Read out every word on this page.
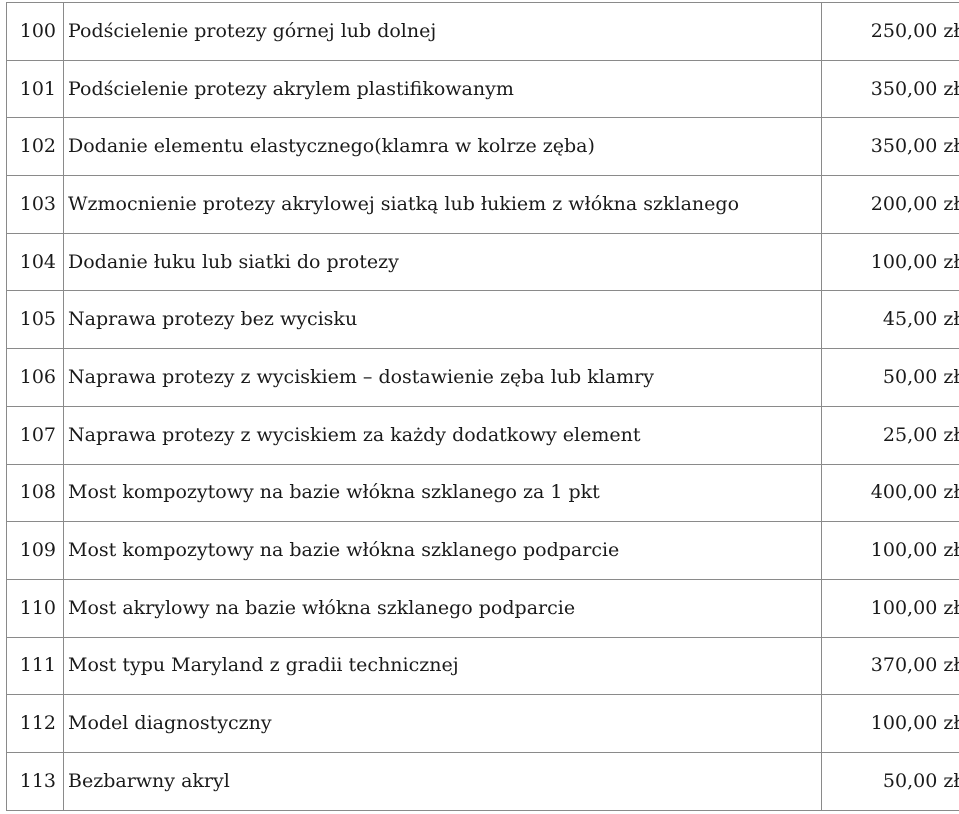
100	Podścielenie protezy górnej lub dolnej	250,00 zł
101	Podścielenie protezy akrylem plastifikowanym	350,00 zł
102	Dodanie elementu elastycznego(klamra w kolrze zęba)	350,00 zł
103	Wzmocnienie protezy akrylowej siatką lub łukiem z włókna szklanego	200,00 zł
104	Dodanie łuku lub siatki do protezy	100,00 zł
105	Naprawa protezy bez wycisku	45,00 zł
106	Naprawa protezy z wyciskiem – dostawienie zęba lub klamry	50,00 zł
107	Naprawa protezy z wyciskiem za każdy dodatkowy element	25,00 zł
108	Most kompozytowy na bazie włókna szklanego za 1 pkt	400,00 zł
109	Most kompozytowy na bazie włókna szklanego podparcie	100,00 zł
110	Most akrylowy na bazie włókna szklanego podparcie	100,00 zł
111	Most typu Maryland z gradii technicznej	370,00 zł
112	Model diagnostyczny	100,00 zł
113	Bezbarwny akryl	50,00 zł
